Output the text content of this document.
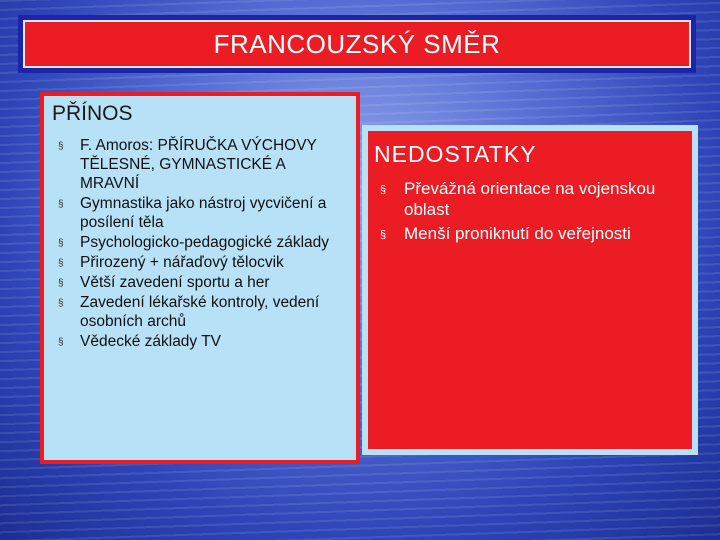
FRANCOUZSKÝ SMĚR
PŘÍNOS
§ F. Amoros: PŘÍRUČKA VÝCHOVY TĚLESNÉ, GYMNASTICKÉ A MRAVNÍ
§ Gymnastika jako nástroj vycvičení a posílení těla
§ Psychologicko-pedagogické základy
§ Přirozený + nářaďový tělocvik
§ Větší zavedení sportu a her
§ Zavedení lékařské kontroly, vedení osobních archů
§ Vědecké základy TV
NEDOSTATKY
§ Převážná orientace na vojenskou oblast
§ Menší proniknutí do veřejnosti
